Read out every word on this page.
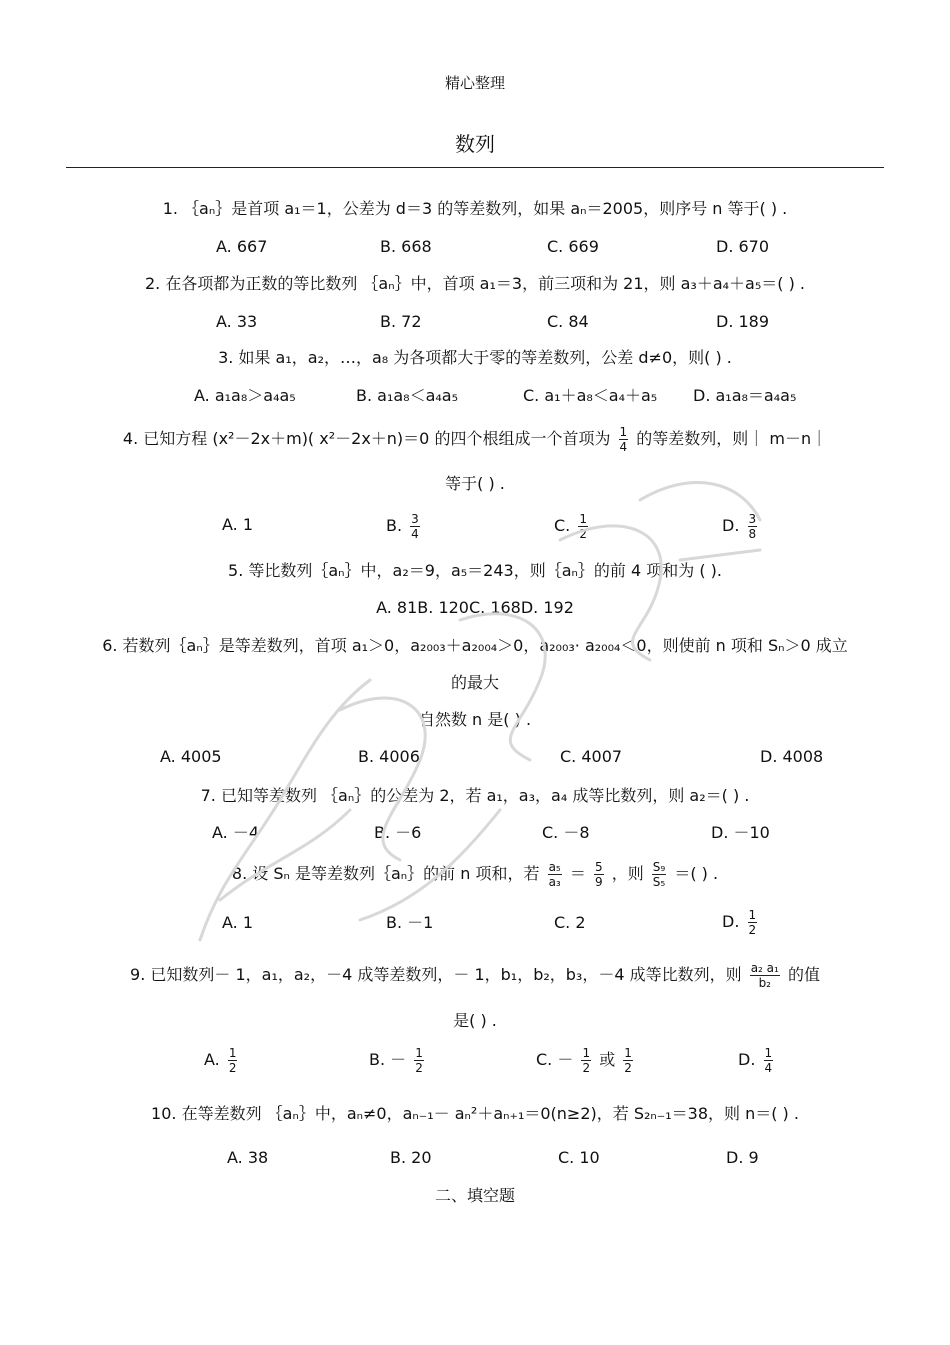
精心整理
数列
1. ｛aₙ｝是首项 a₁＝1，公差为 d＝3 的等差数列，如果 aₙ＝2005，则序号 n 等于( ) .
A. 667	B. 668	C. 669	D. 670
2. 在各项都为正数的等比数列 ｛aₙ｝中，首项 a₁＝3，前三项和为 21，则 a₃＋a₄＋a₅＝( ) .
A. 33	B. 72	C. 84	D. 189
3. 如果 a₁，a₂，…，a₈ 为各项都大于零的等差数列，公差 d≠0，则( ) .
A. a₁a₈＞a₄a₅	B. a₁a₈＜a₄a₅	C. a₁＋a₈＜a₄＋a₅ D. a₁a₈＝a₄a₅
4. 已知方程 (x²－2x＋m)( x²－2x＋n)＝0 的四个根组成一个首项为 $\frac{1}{4}$ 的等差数列，则｜ m－n｜
等于( ) .
A. 1	B. $\frac{3}{4}$	C. $\frac{1}{2}$	D. $\frac{3}{8}$
5. 等比数列｛aₙ｝中，a₂＝9，a₅＝243，则｛aₙ｝的前 4 项和为 ( ).
A. 81B. 120C. 168D. 192
6. 若数列｛aₙ｝是等差数列，首项 a₁＞0，a₂₀₀₃＋a₂₀₀₄＞0，a₂₀₀₃· a₂₀₀₄＜0，则使前 n 项和 Sₙ＞0 成立
的最大
自然数 n 是( ) .
A. 4005	B. 4006	C. 4007	D. 4008
7. 已知等差数列 ｛aₙ｝的公差为 2，若 a₁，a₃，a₄ 成等比数列，则 a₂＝( ) .
A. －4	B. －6	C. －8	D. －10
8. 设 Sₙ 是等差数列｛aₙ｝的前 n 项和，若 $\frac{\text{a₅}}{\text{a₃}} = \frac{5}{9}$ ，则 $\frac{\text{S₉}}{\text{S₅}}$ ＝( ) .
A. 1	B. －1	C. 2	D. $\frac{1}{2}$
9. 已知数列－ 1，a₁，a₂，－4 成等差数列，－ 1，b₁，b₂，b₃，－4 成等比数列，则 $\frac{\text{a₂ a₁}}{\text{b₂}}$ 的值
是( ) .
A. $\frac{1}{2}$	B. － $\frac{1}{2}$	C. － $\frac{1}{2}$ 或 $\frac{1}{2}$	D. $\frac{1}{4}$
10. 在等差数列 ｛aₙ｝中，aₙ≠0，aₙ₋₁－ aₙ²＋aₙ₊₁＝0(n≥2)，若 S₂ₙ₋₁＝38，则 n＝( ) .
A. 38	B. 20	C. 10	D. 9
二、填空题
